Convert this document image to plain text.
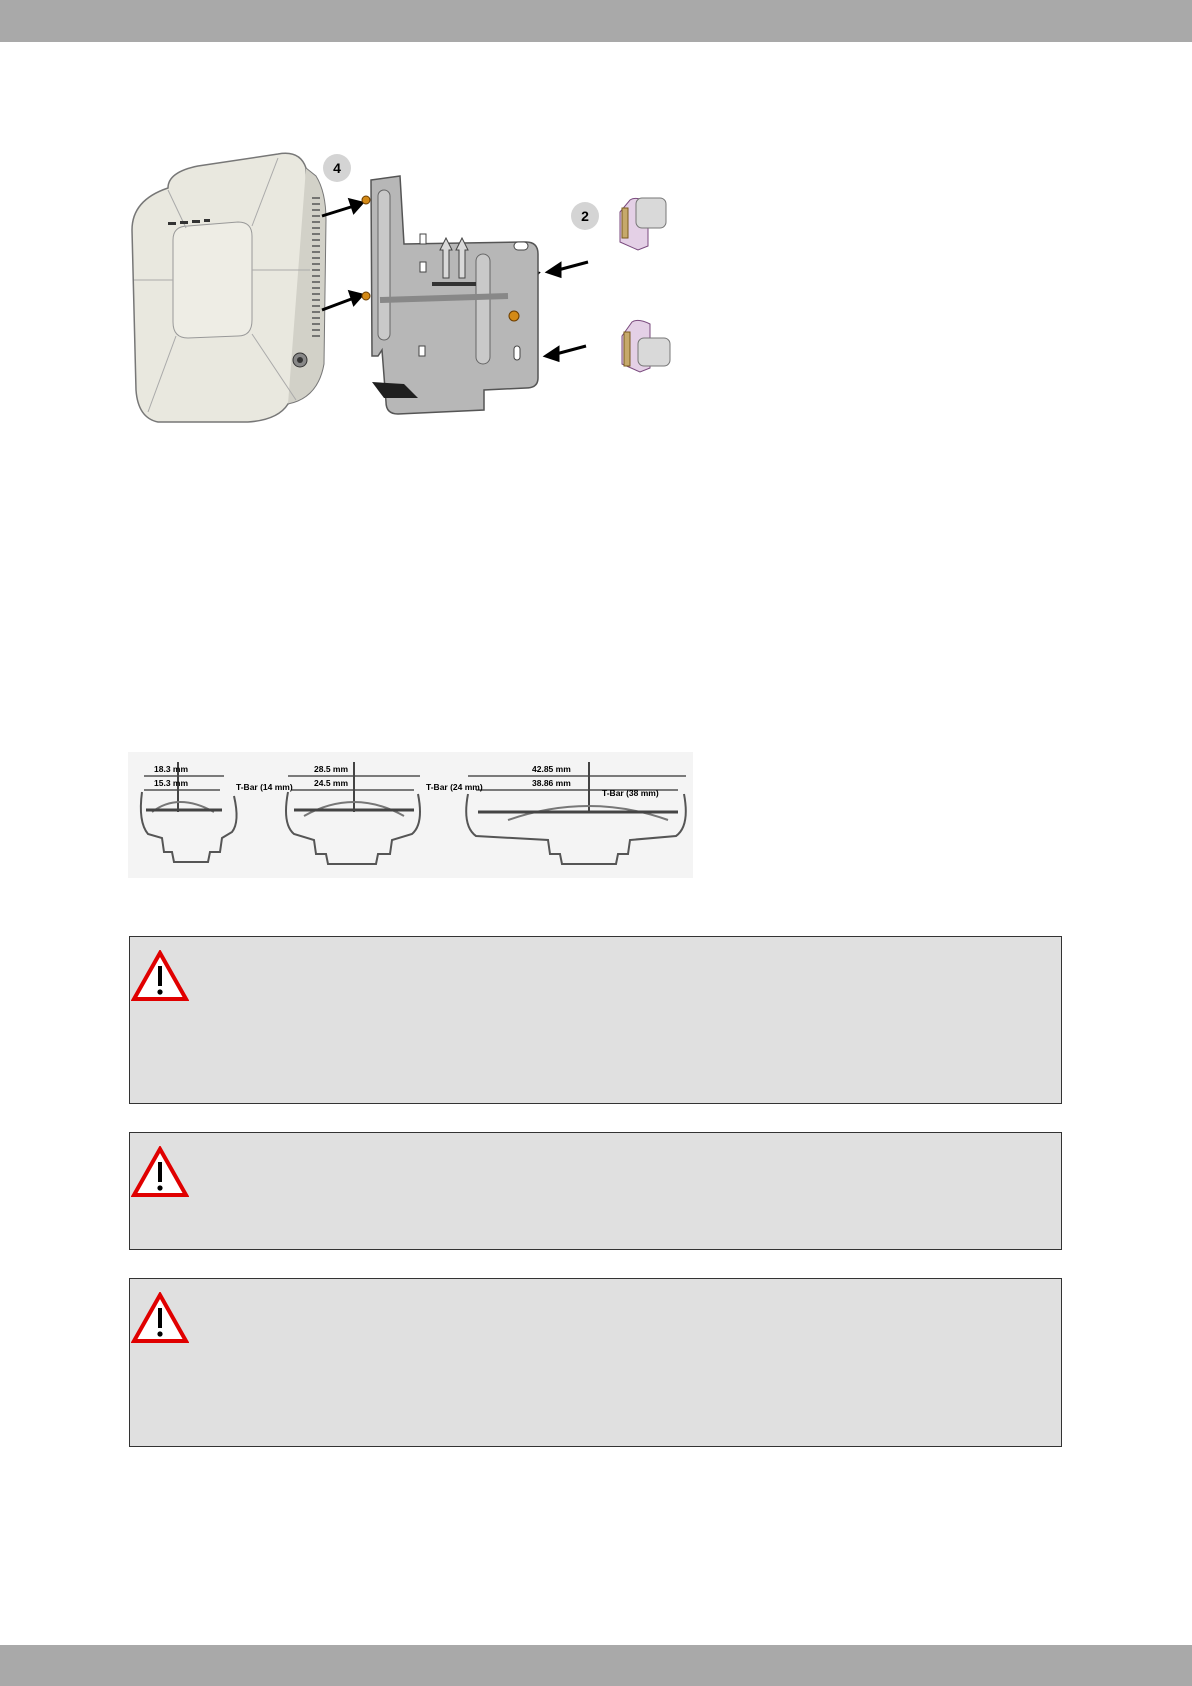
4
2
18.3 mm
15.3 mm	T-Bar (14 mm)
28.5 mm
24.5 mm	T-Bar (24 mm)
42.85 mm
38.86 mm
T-Bar (38 mm)
